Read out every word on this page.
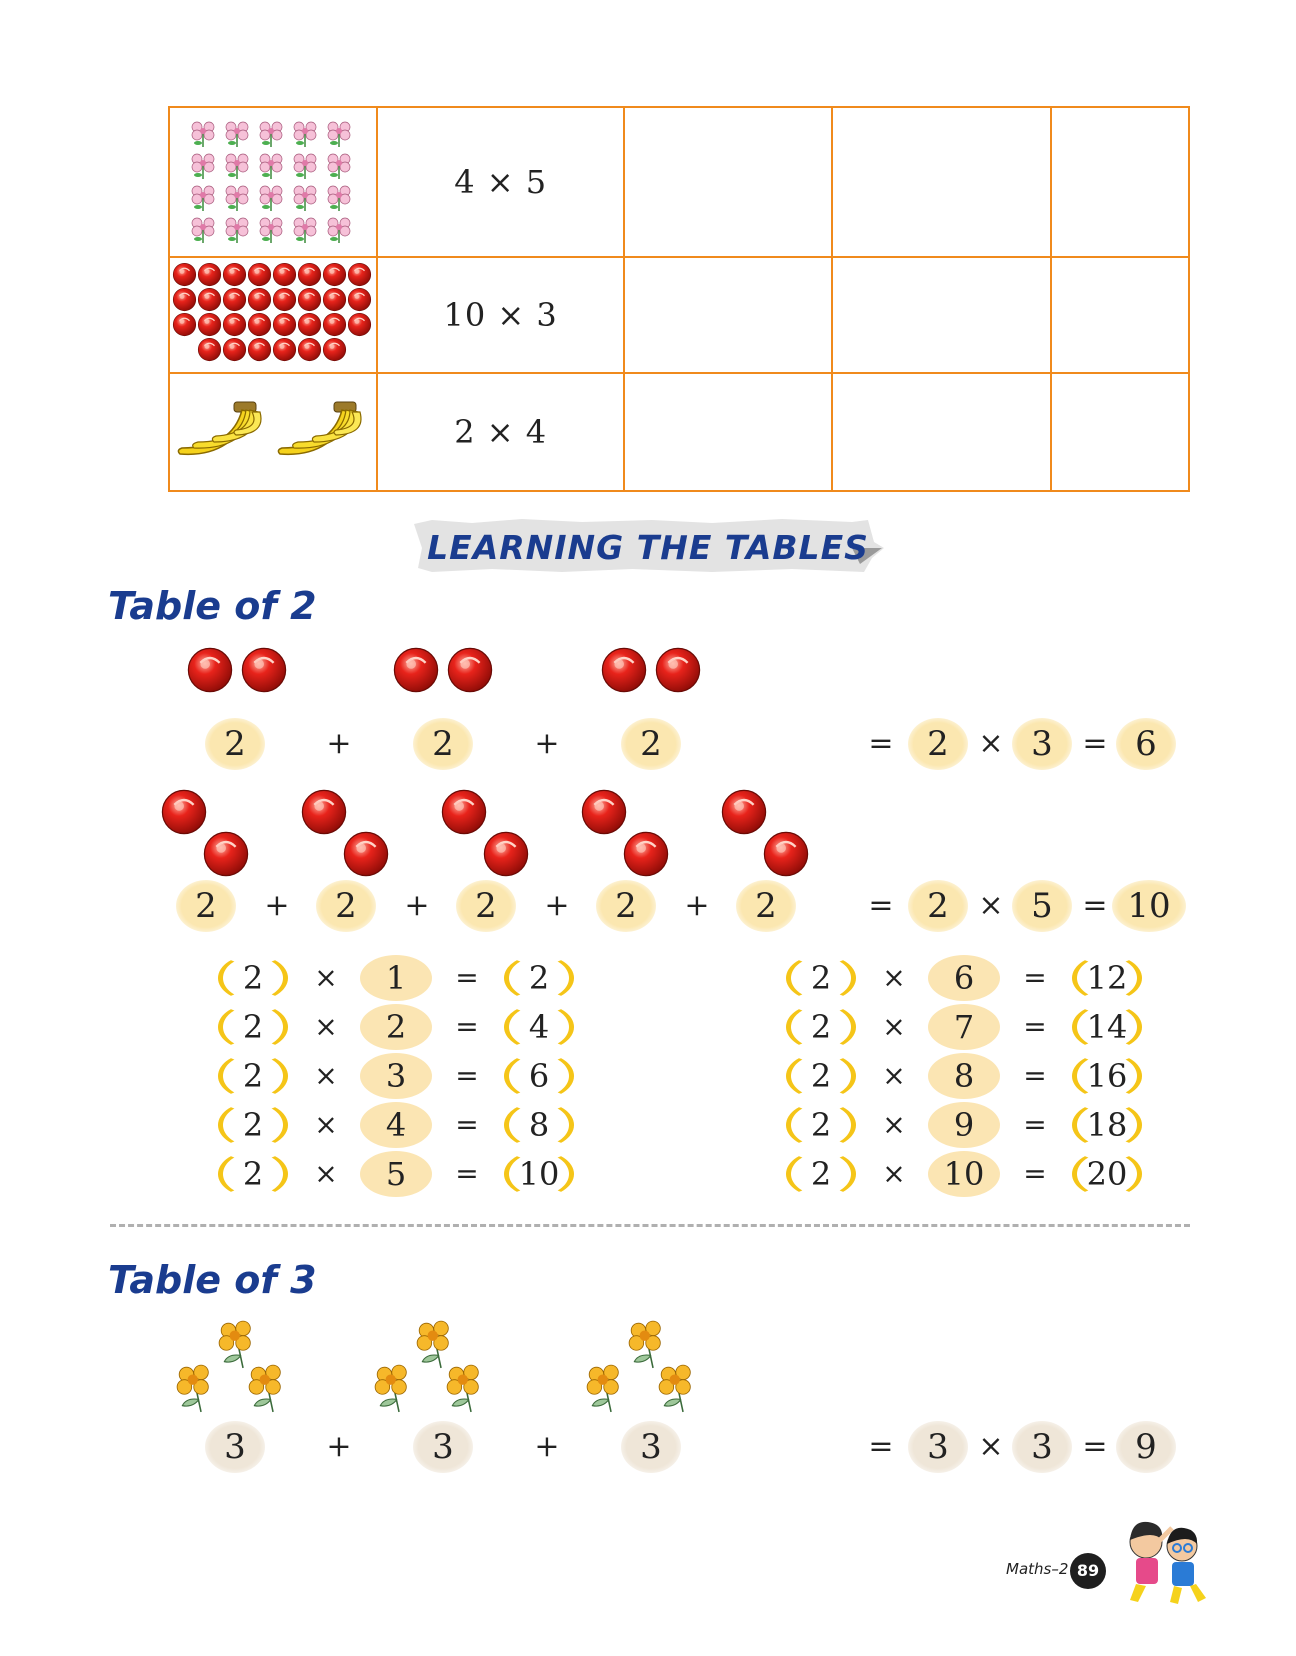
	4 × 5			
	10 × 3			
	2 × 4			
LEARNING THE TABLES
Table of 2
2	+	2	+	2	= 2 × 3 = 6
2	+	2	+	2	+	2	+	2	= 2 × 5 = 10
2	×	1	=	2
2	×	2	=	4
2	×	3	=	6
2	×	4	=	8
2	×	5	=	10
2	×	6	=	12
2	×	7	=	14
2	×	8	=	16
2	×	9	=	18
2	×	10	=	20
Table of 3
3	+	3	+	3	= 3 × 3 = 9
Maths–2 89
